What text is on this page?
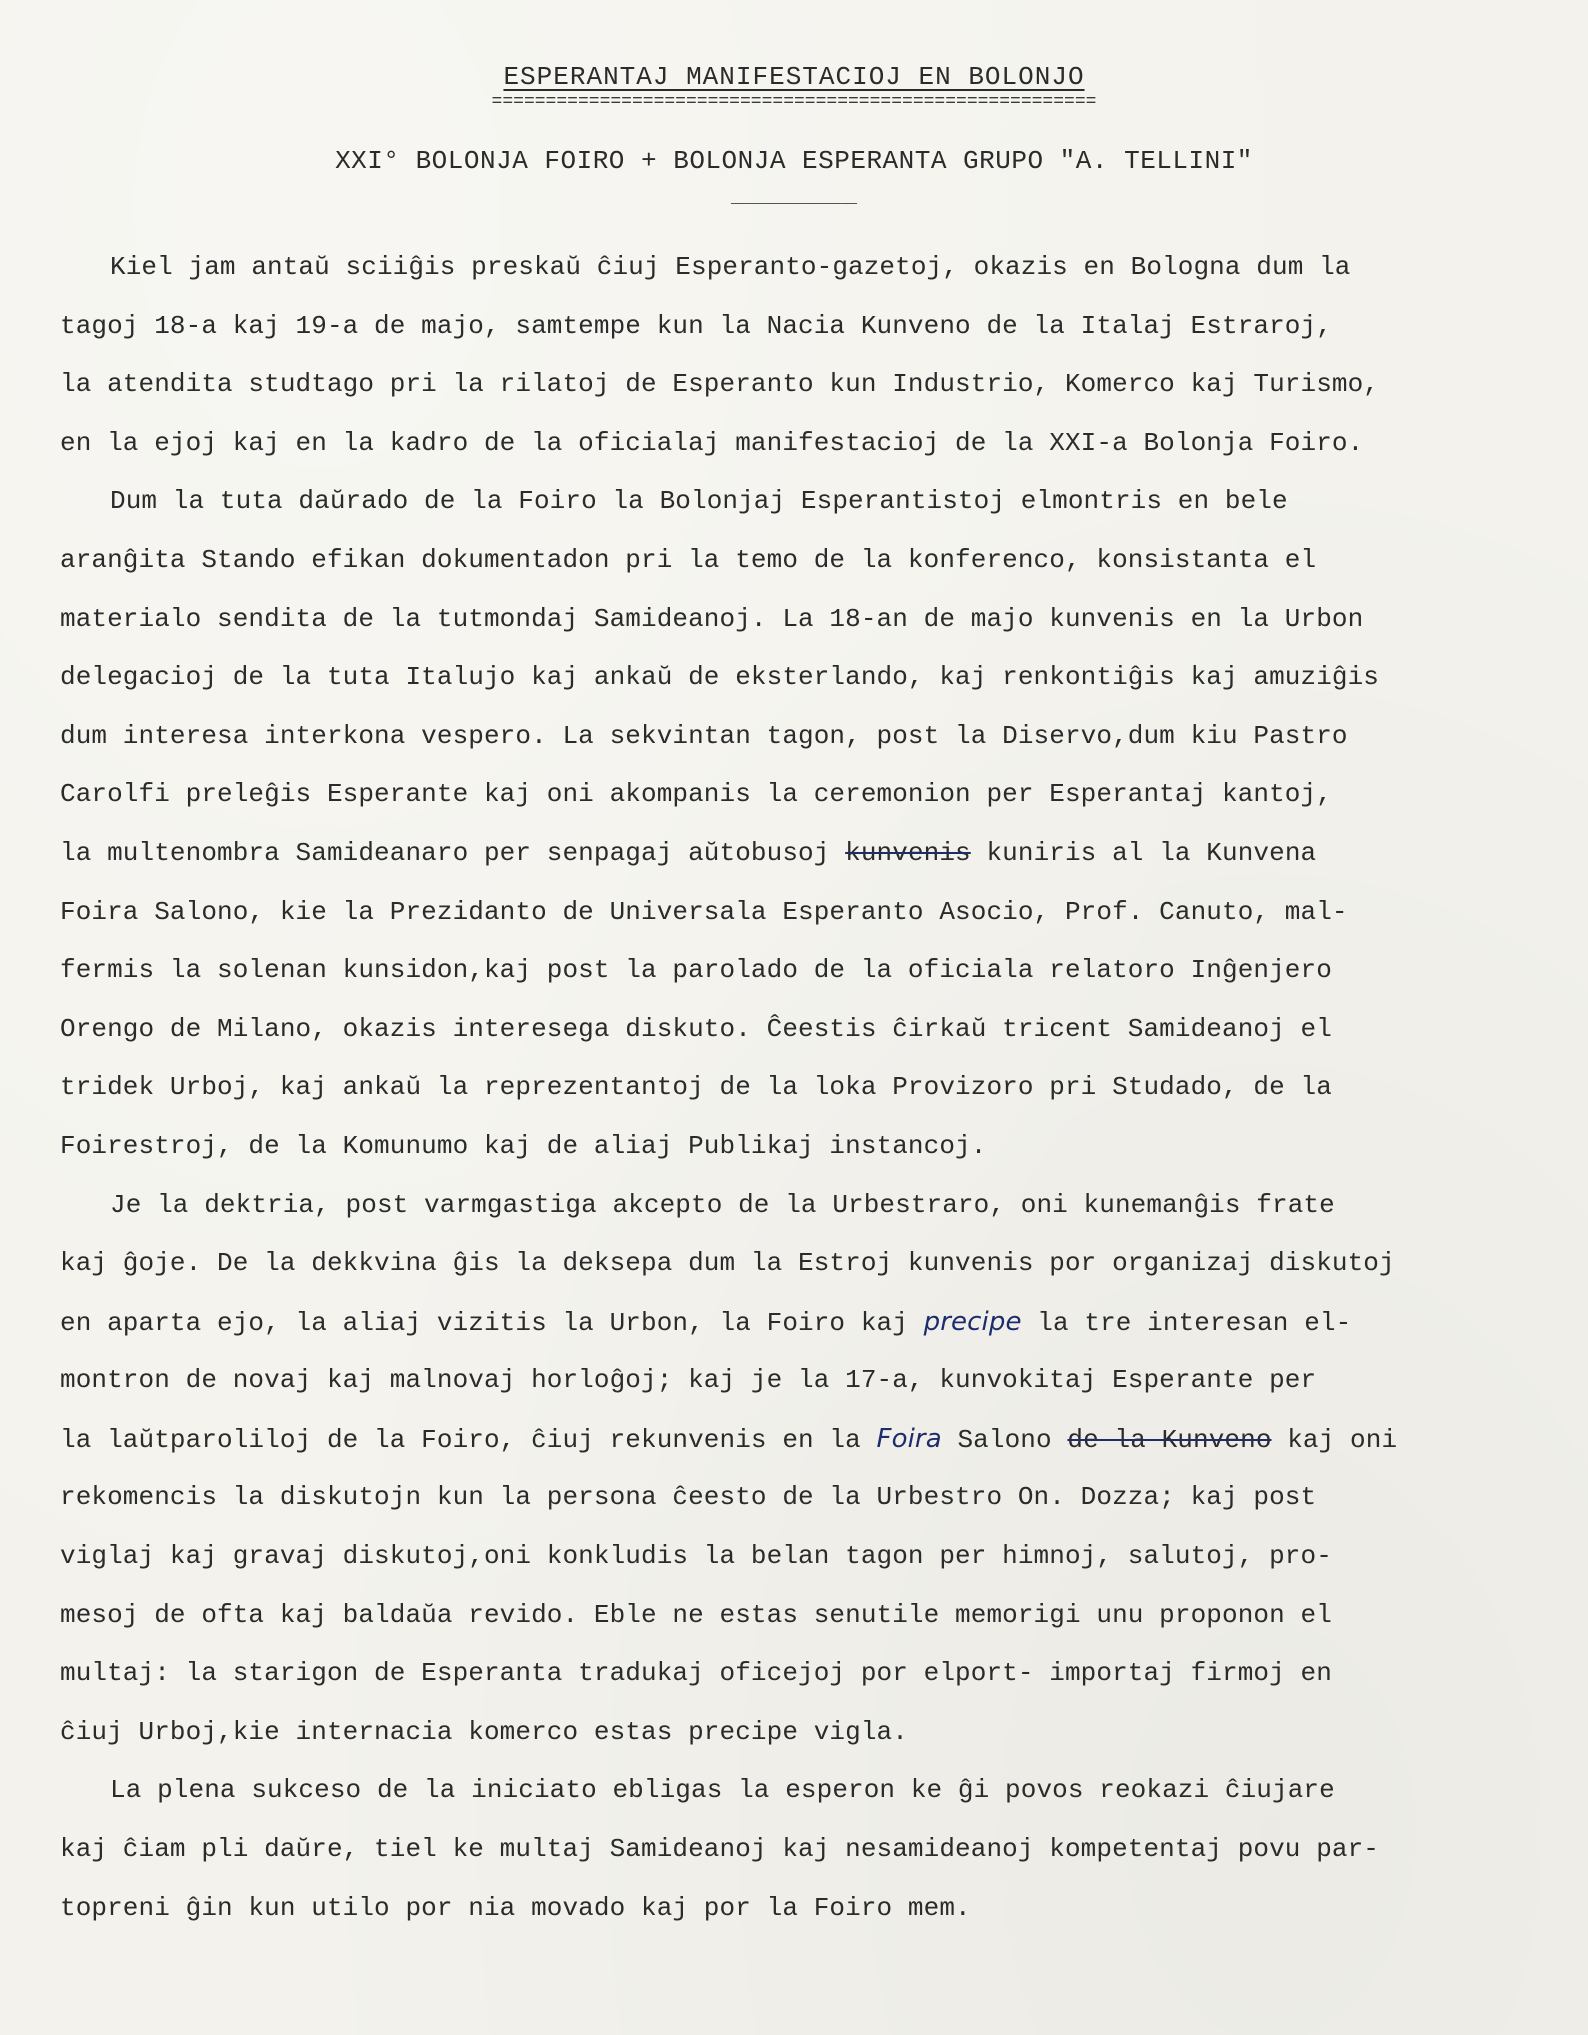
ESPERANTAJ MANIFESTACIOJ EN BOLONJO
========================================================
XXI° BOLONJA FOIRO + BOLONJA ESPERANTA GRUPO "A. TELLINI"
———————————————
Kiel jam antaŭ sciiĝis preskaŭ ĉiuj Esperanto-gazetoj, okazis en Bologna dum la
tagoj 18-a kaj 19-a de majo, samtempe kun la Nacia Kunveno de la Italaj Estraroj,
la atendita studtago pri la rilatoj de Esperanto kun Industrio, Komerco kaj Turismo,
en la ejoj kaj en la kadro de la oficialaj manifestacioj de la XXI-a Bolonja Foiro.
Dum la tuta daŭrado de la Foiro la Bolonjaj Esperantistoj elmontris en bele
aranĝita Stando efikan dokumentadon pri la temo de la konferenco, konsistanta el
materialo sendita de la tutmondaj Samideanoj. La 18-an de majo kunvenis en la Urbon
delegacioj de la tuta Italujo kaj ankaŭ de eksterlando, kaj renkontiĝis kaj amuziĝis
dum interesa interkona vespero. La sekvintan tagon, post la Diservo,dum kiu Pastro
Carolfi preleĝis Esperante kaj oni akompanis la ceremonion per Esperantaj kantoj,
la multenombra Samideanaro per senpagaj aŭtobusoj kunvenis kuniris al la Kunvena
Foira Salono, kie la Prezidanto de Universala Esperanto Asocio, Prof. Canuto, mal-
fermis la solenan kunsidon,kaj post la parolado de la oficiala relatoro Inĝenjero
Orengo de Milano, okazis interesega diskuto. Ĉeestis ĉirkaŭ tricent Samideanoj el
tridek Urboj, kaj ankaŭ la reprezentantoj de la loka Provizoro pri Studado, de la
Foirestroj, de la Komunumo kaj de aliaj Publikaj instancoj.
Je la dektria, post varmgastiga akcepto de la Urbestraro, oni kunemanĝis frate
kaj ĝoje. De la dekkvina ĝis la deksepa dum la Estroj kunvenis por organizaj diskutoj
en aparta ejo, la aliaj vizitis la Urbon, la Foiro kaj precipe la tre interesan el-
montron de novaj kaj malnovaj horloĝoj; kaj je la 17-a, kunvokitaj Esperante per
la laŭtparoliloj de la Foiro, ĉiuj rekunvenis en la Foira Salono de la Kunveno kaj oni
rekomencis la diskutojn kun la persona ĉeesto de la Urbestro On. Dozza; kaj post
viglaj kaj gravaj diskutoj,oni konkludis la belan tagon per himnoj, salutoj, pro-
mesoj de ofta kaj baldaŭa revido. Eble ne estas senutile memorigi unu proponon el
multaj: la starigon de Esperanta tradukaj oficejoj por elport- importaj firmoj en
ĉiuj Urboj,kie internacia komerco estas precipe vigla.
La plena sukceso de la iniciato ebligas la esperon ke ĝi povos reokazi ĉiujare
kaj ĉiam pli daŭre, tiel ke multaj Samideanoj kaj nesamideanoj kompetentaj povu par-
topreni ĝin kun utilo por nia movado kaj por la Foiro mem.
